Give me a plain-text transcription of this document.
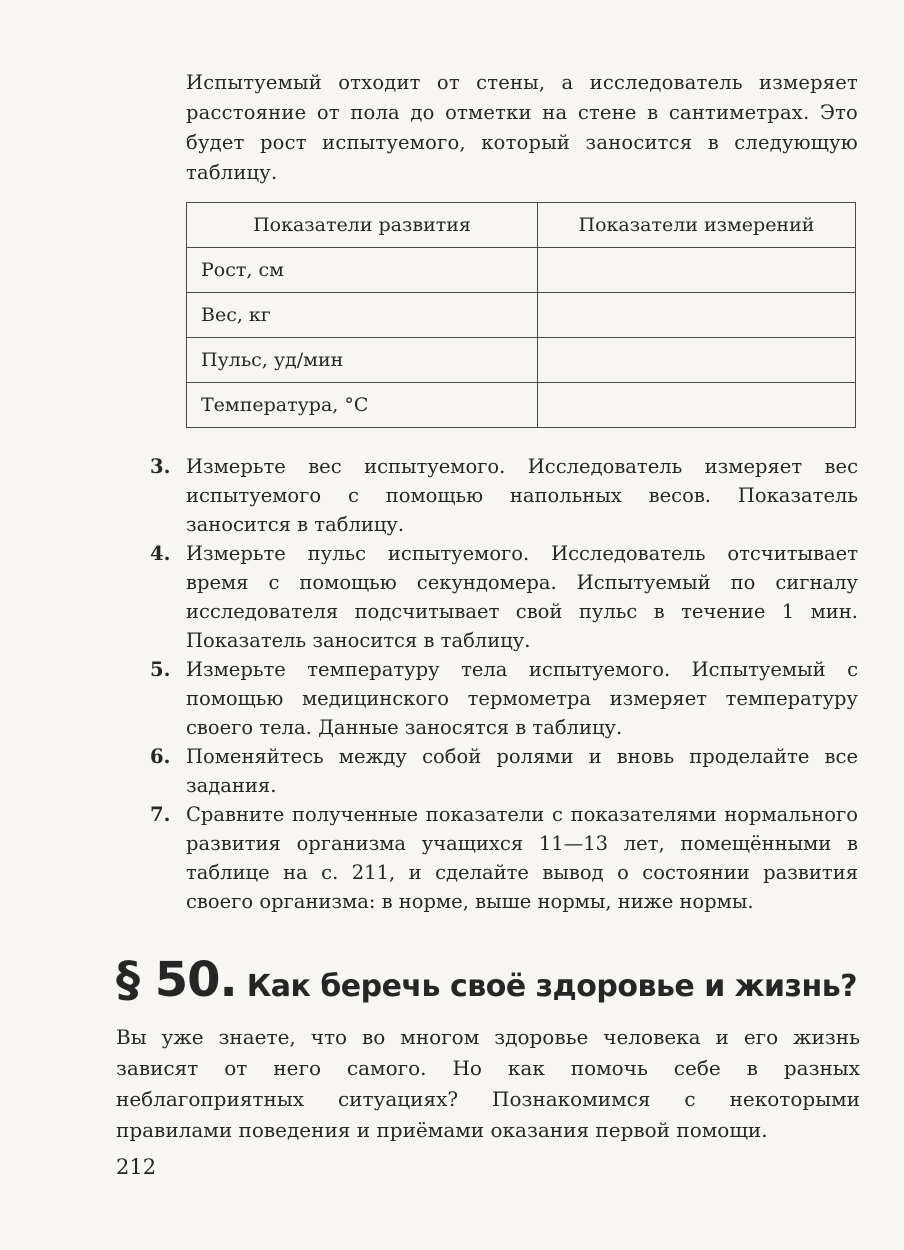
Испытуемый отходит от стены, а исследователь измеряет расстояние от пола до отметки на стене в сантиметрах. Это будет рост испытуемого, который заносится в следующую таблицу.

Показатели развития	Показатели измерений
Рост, см	
Вес, кг	
Пульс, уд/мин	
Температура, °C	
3. Измерьте вес испытуемого. Исследователь измеряет вес испытуемого с помощью напольных весов. Показатель заносится в таблицу.
4. Измерьте пульс испытуемого. Исследователь отсчитывает время с помощью секундомера. Испытуемый по сигналу исследователя подсчитывает свой пульс в течение 1 мин. Показатель заносится в таблицу.
5. Измерьте температуру тела испытуемого. Испытуемый с помощью медицинского термометра измеряет температуру своего тела. Данные заносятся в таблицу.
6. Поменяйтесь между собой ролями и вновь проделайте все задания.
7. Сравните полученные показатели с показателями нормального развития организма учащихся 11—13 лет, помещёнными в таблице на с. 211, и сделайте вывод о состоянии развития своего организма: в норме, выше нормы, ниже нормы.
§ 50. Как беречь своё здоровье и жизнь?

Вы уже знаете, что во многом здоровье человека и его жизнь зависят от него самого. Но как помочь себе в разных неблагоприятных ситуациях? Познакомимся с некоторыми правилами поведения и приёмами оказания первой помощи.

212
